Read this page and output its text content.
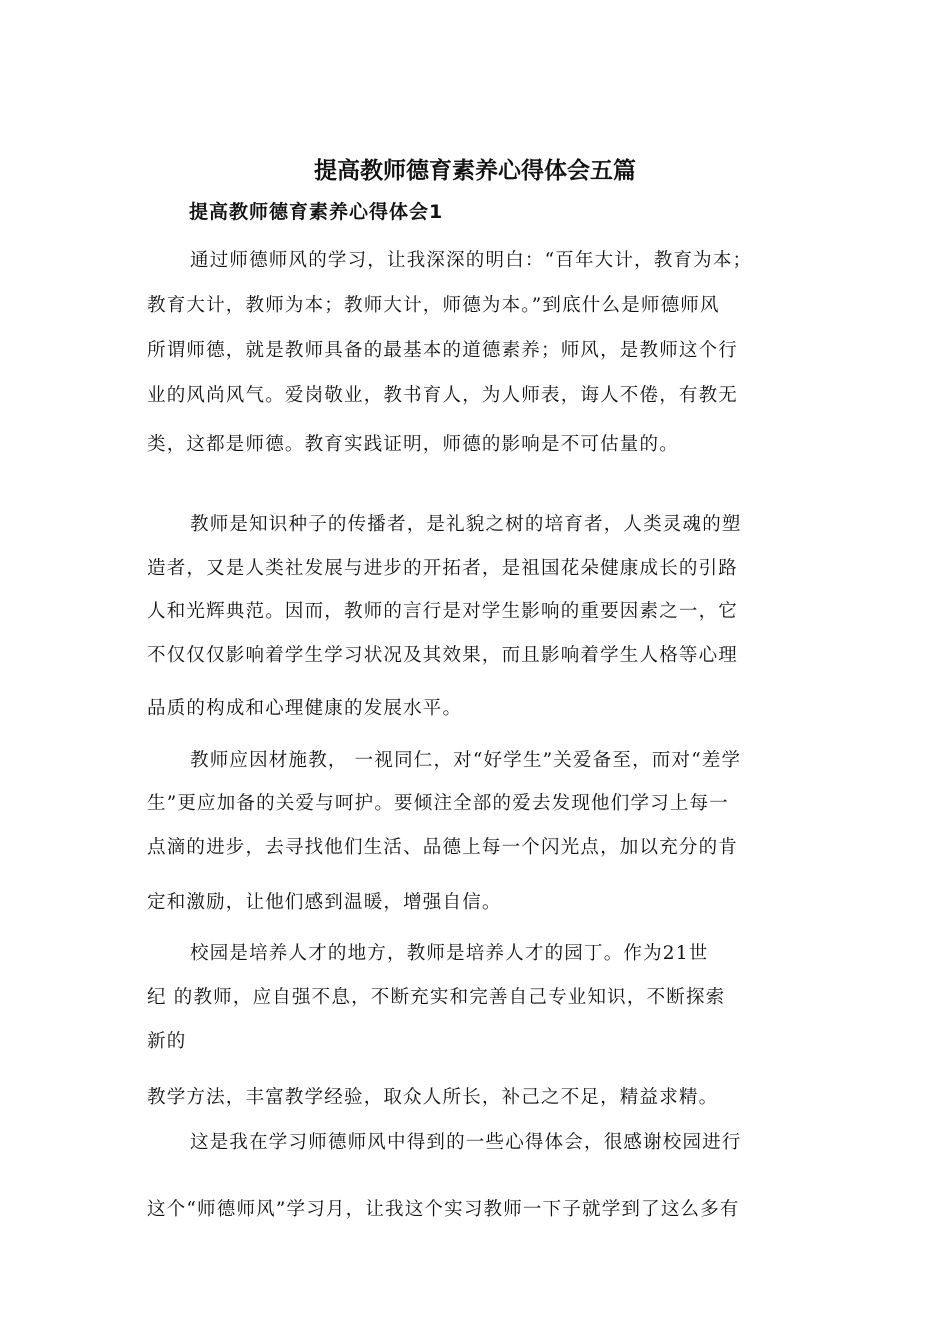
提高教师德育素养心得体会五篇
提高教师德育素养心得体会1
通过师德师风的学习，让我深深的明白：“百年大计，教育为本；
教育大计，教师为本；教师大计，师德为本。”到底什么是师德师风
所谓师德，就是教师具备的最基本的道德素养；师风，是教师这个行
业的风尚风气。爱岗敬业，教书育人，为人师表，诲人不倦，有教无
类，这都是师德。教育实践证明，师德的影响是不可估量的。
教师是知识种子的传播者，是礼貌之树的培育者，人类灵魂的塑
造者，又是人类社发展与进步的开拓者，是祖国花朵健康成长的引路
人和光辉典范。因而，教师的言行是对学生影响的重要因素之一，它
不仅仅仅影响着学生学习状况及其效果，而且影响着学生人格等心理
品质的构成和心理健康的发展水平。
教师应因材施教， 一视同仁，对“好学生”关爱备至，而对“差学
生”更应加备的关爱与呵护。要倾注全部的爱去发现他们学习上每一
点滴的进步，去寻找他们生活、品德上每一个闪光点，加以充分的肯
定和激励，让他们感到温暖，增强自信。
校园是培养人才的地方，教师是培养人才的园丁。作为21世
纪 的教师，应自强不息，不断充实和完善自己专业知识，不断探索
新的
教学方法，丰富教学经验，取众人所长，补己之不足，精益求精。
这是我在学习师德师风中得到的一些心得体会，很感谢校园进行
这个“师德师风”学习月，让我这个实习教师一下子就学到了这么多有
